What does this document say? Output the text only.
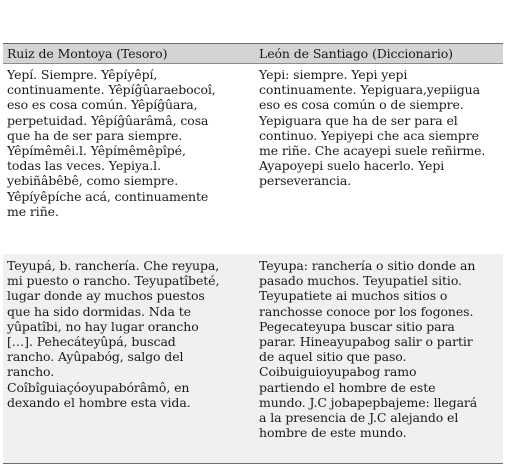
Ruiz de Montoya (Tesoro)	León de Santiago (Diccionario)
Yepí. Siempre. Yêpíyêpí,
continuamente. Yêpíĝûaraebocoî,
eso es cosa común. Yêpíĝûara,
perpetuidad. Yêpíĝûarâmâ, cosa
que ha de ser para siempre.
Yêpímêmêi.l. Yêpímêmêpîpé,
todas las veces. Yepiya.l.
yebiñâbêbê, como siempre.
Yêpíyêpíche acá, continuamente
me riñe.
Yepi: siempre. Yepi yepi
continuamente. Yepiguara,yepiigua
eso es cosa común o de siempre.
Yepiguara que ha de ser para el
continuo. Yepiyepi che aca siempre
me riñe. Che acayepi suele reñirme.
Ayapoyepi suelo hacerlo. Yepi
perseverancia.
Teyupá, b. ranchería. Che reyupa,
mi puesto o rancho. Teyupatîbeté,
lugar donde ay muchos puestos
que ha sido dormidas. Nda te
yûpatîbi, no hay lugar orancho
[…]. Pehecáteyûpá, buscad
rancho. Ayûpabóg, salgo del
rancho.
Coîbîguiaçóoyupabórâmô, en
dexando el hombre esta vida.
Teyupa: ranchería o sitio donde an
pasado muchos. Teyupatiel sitio.
Teyupatiete ai muchos sitios o
ranchosse conoce por los fogones.
Pegecateyupa buscar sitio para
parar. Hineayupabog salir o partir
de aquel sitio que paso.
Coibuiguioyupabog ramo
partiendo el hombre de este
mundo. J.C jobapepbajeme: llegará
a la presencia de J.C alejando el
hombre de este mundo.
